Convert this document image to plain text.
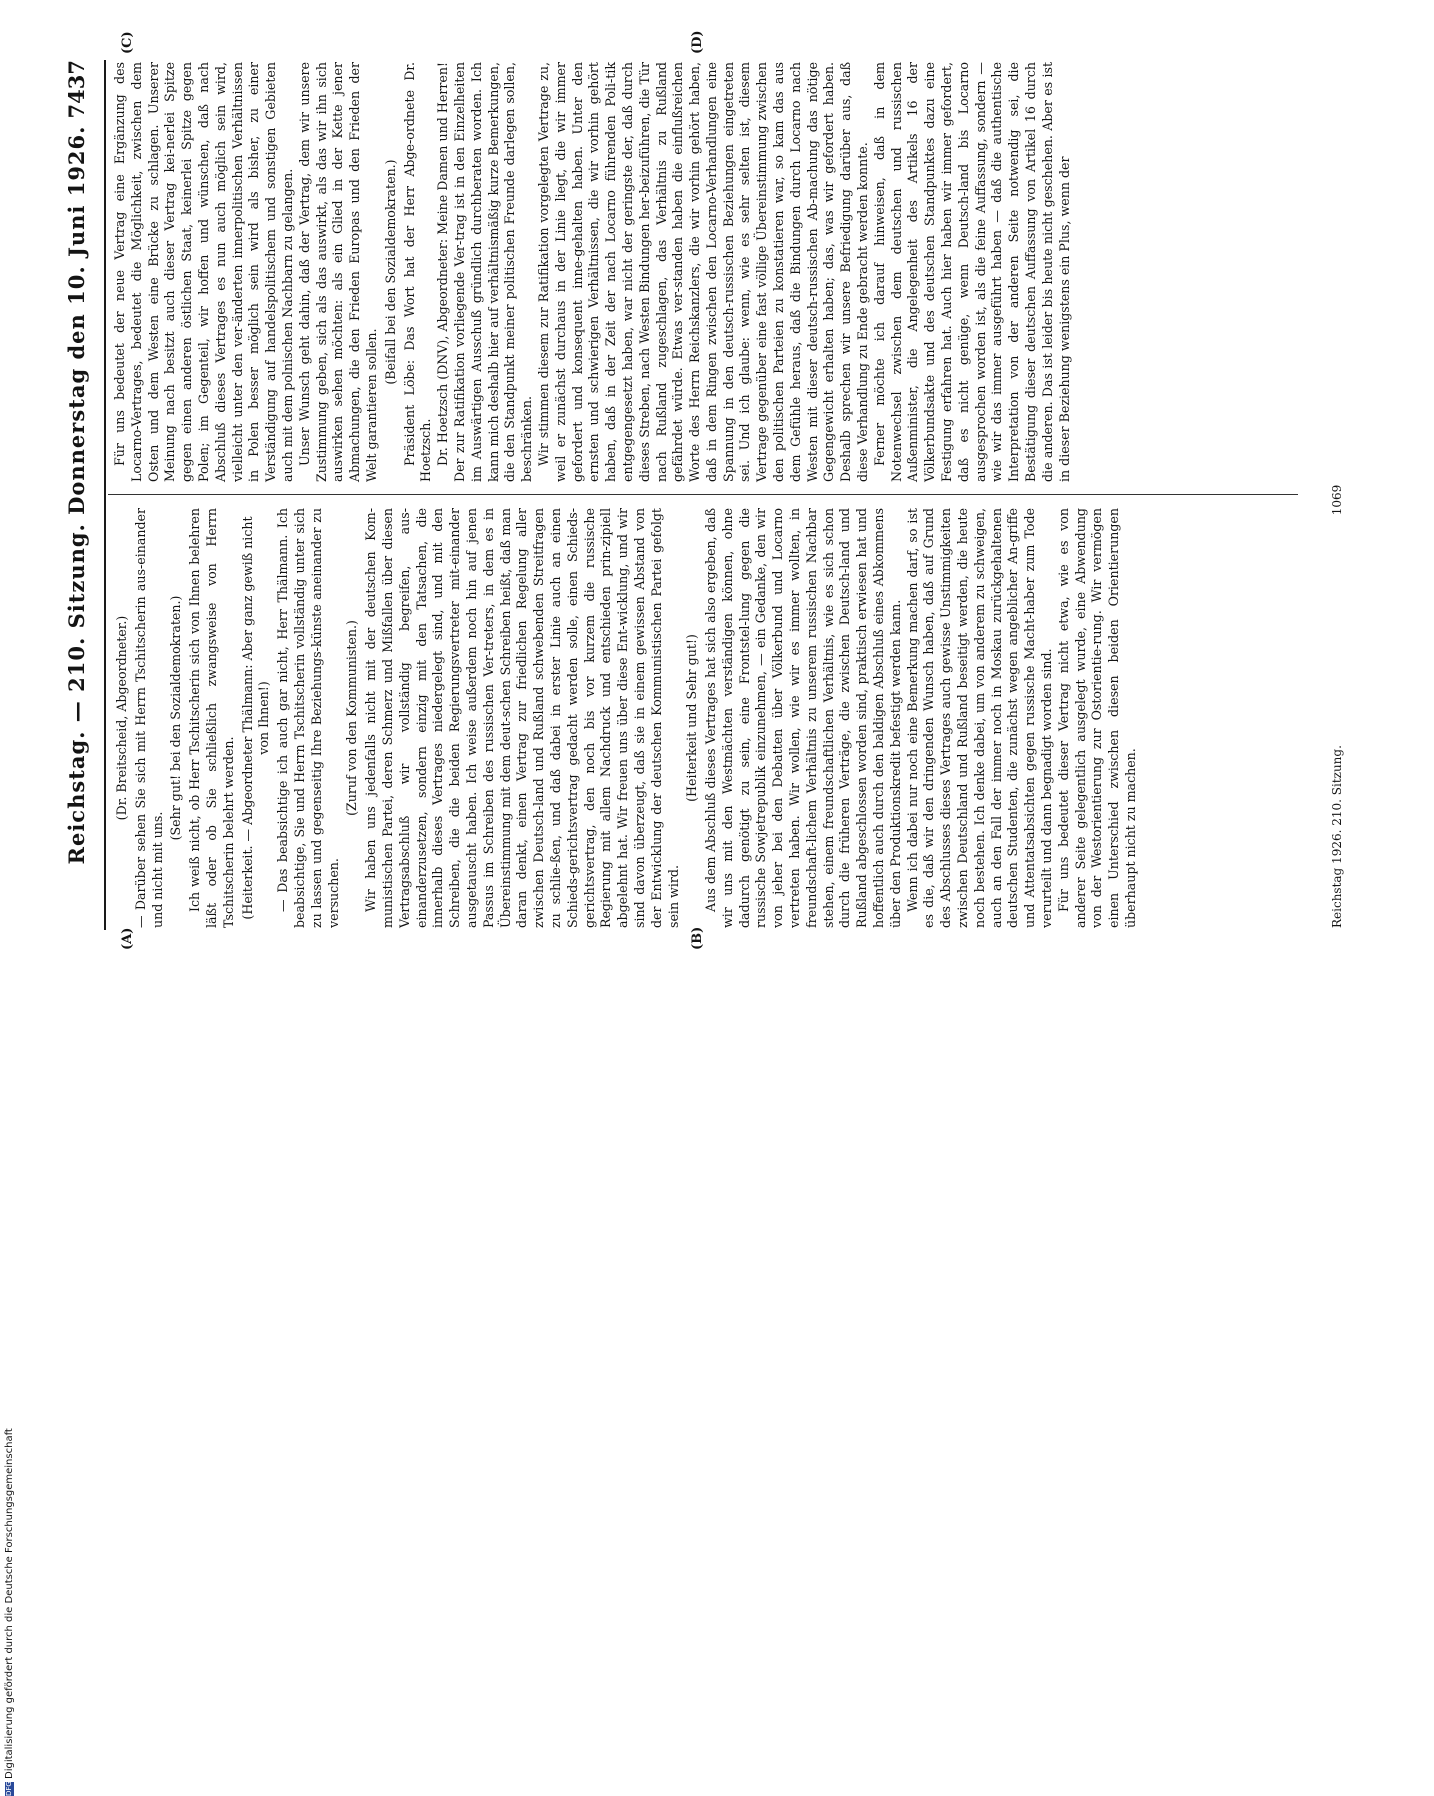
Reichstag. — 210. Sitzung. Donnerstag den 10. Juni 1926.
7437
(A)	(B)
(C)	(D)

(Dr. Breitscheid, Abgeordneter.) — Darüber sehen Sie sich mit Herrn Tschitscherin aus-einander und nicht mit uns.

(Sehr gut! bei den Sozialdemokraten.) Ich weiß nicht, ob Herr Tschitscherin sich von Ihnen belehren läßt oder ob Sie schließlich zwangsweise von Herrn Tschitscherin belehrt werden. (Heiterkeit. — Abgeordneter Thälmann: Aber ganz gewiß nicht von Ihnen!) — Das beabsichtige ich auch gar nicht, Herr Thälmann. Ich beabsichtige, Sie und Herrn Tschitscherin vollständig unter sich zu lassen und gegenseitig Ihre Beziehungs-künste aneinander zu versuchen.

(Zuruf von den Kommunisten.) Wir haben uns jedenfalls nicht mit der deutschen Kom-munistischen Partei, deren Schmerz und Mißfallen über diesen Vertragsabschluß wir vollständig begreifen, aus-einanderzusetzen, sondern einzig mit den Tatsachen, die innerhalb dieses Vertrages niedergelegt sind, und mit den Schreiben, die die beiden Regierungsvertreter mit-einander ausgetauscht haben. Ich weise außerdem noch hin auf jenen Passus im Schreiben des russischen Ver-treters, in dem es in Übereinstimmung mit dem deut-schen Schreiben heißt, daß man daran denkt, einen Vertrag zur friedlichen Regelung aller zwischen Deutsch-land und Rußland schwebenden Streitfragen zu schlie-ßen, und daß dabei in erster Linie auch an einen Schieds-gerichtsvertrag gedacht werden solle, einen Schieds-gerichtsvertrag, den noch bis vor kurzem die russische Regierung mit allem Nachdruck und entschieden prin-zipiell abgelehnt hat. Wir freuen uns über diese Ent-wicklung, und wir sind davon überzeugt, daß sie in einem gewissen Abstand von der Entwicklung der deutschen Kommunistischen Partei gefolgt sein wird.

(Heiterkeit und Sehr gut!) Aus dem Abschluß dieses Vertrages hat sich also ergeben, daß wir uns mit den Westmächten verständigen können, ohne dadurch genötigt zu sein, eine Frontstel-lung gegen die russische Sowjetrepublik einzunehmen, — ein Gedanke, den wir von jeher bei den Debatten über Völkerbund und Locarno vertreten haben. Wir wollen, wie wir es immer wollten, in freundschaft-lichem Verhältnis zu unserem russischen Nachbar stehen, einem freundschaftlichen Verhältnis, wie es sich schon durch die früheren Verträge, die zwischen Deutsch-land und Rußland abgeschlossen worden sind, praktisch erwiesen hat und hoffentlich auch durch den baldigen Abschluß eines Abkommens über den Produktionskredit befestigt werden kann. Wenn ich dabei nur noch eine Bemerkung machen darf, so ist es die, daß wir den dringenden Wunsch haben, daß auf Grund des Abschlusses dieses Vertrages auch gewisse Unstimmigkeiten zwischen Deutschland und Rußland beseitigt werden, die heute noch bestehen. Ich denke dabei, um von anderem zu schweigen, auch an den Fall der immer noch in Moskau zurückgehaltenen deutschen Studenten, die zunächst wegen angeblicher An-griffe und Attentatsabsichten gegen russische Macht-haber zum Tode verurteilt und dann begnadigt worden sind. Für uns bedeutet dieser Vertrag nicht etwa, wie es von anderer Seite gelegentlich ausgelegt wurde, eine Abwendung von der Westorientierung zur Ostorientie-rung. Wir vermögen einen Unterschied zwischen diesen beiden Orientierungen überhaupt nicht zu machen.

Für uns bedeutet der neue Vertrag eine Ergänzung des Locarno-Vertrages, bedeutet die Möglichkeit, zwischen dem Osten und dem Westen eine Brücke zu schlagen. Unserer Meinung nach besitzt auch dieser Vertrag kei-nerlei Spitze gegen einen anderen östlichen Staat, keinerlei Spitze gegen Polen; im Gegenteil, wir hoffen und wünschen, daß nach Abschluß dieses Vertrages es nun auch möglich sein wird, vielleicht unter den ver-änderten innerpolitischen Verhältnissen in Polen besser möglich sein wird als bisher, zu einer Verständigung auf handelspolitischem und sonstigen Gebieten auch mit dem polnischen Nachbarn zu gelangen. Unser Wunsch geht dahin, daß der Vertrag, dem wir unsere Zustimmung geben, sich als das auswirkt, als das wir ihn sich auswirken sehen möchten: als ein Glied in der Kette jener Abmachungen, die den Frieden Europas und den Frieden der Welt garantieren sollen.

(Beifall bei den Sozialdemokraten.) Präsident Löbe: Das Wort hat der Herr Abge-ordnete Dr. Hoetzsch. Dr. Hoetzsch (DNV), Abgeordneter: Meine Damen und Herren! Der zur Ratifikation vorliegende Ver-trag ist in den Einzelheiten im Auswärtigen Ausschuß gründlich durchberaten worden. Ich kann mich deshalb hier auf verhältnismäßig kurze Bemerkungen, die den Standpunkt meiner politischen Freunde darlegen sollen, beschränken. Wir stimmen diesem zur Ratifikation vorgelegten Vertrage zu, weil er zunächst durchaus in der Linie liegt, die wir immer gefordert und konsequent inne-gehalten haben. Unter den ernsten und schwierigen Verhältnissen, die wir vorhin gehört haben, daß in der Zeit der nach Locarno führenden Poli-tik entgegengesetzt haben, war nicht der geringste der, daß durch dieses Streben, nach Westen Bindungen her-beizuführen, die Tür nach Rußland zugeschlagen, das Verhältnis zu Rußland gefährdet würde. Etwas ver-standen haben die einflußreichen Worte des Herrn Reichskanzlers, die wir vorhin gehört haben, daß in dem Ringen zwischen den Locarno-Verhandlungen eine Spannung in den deutsch-russischen Beziehungen eingetreten sei. Und ich glaube: wenn, wie es sehr selten ist, diesem Vertrage gegenüber eine fast völlige Übereinstimmung zwischen den politischen Parteien zu konstatieren war, so kam das aus dem Gefühle heraus, daß die Bindungen durch Locarno nach Westen mit dieser deutsch-russischen Ab-machung das nötige Gegengewicht erhalten haben; das, was wir gefordert haben. Deshalb sprechen wir unsere Befriedigung darüber aus, daß diese Verhandlung zu Ende gebracht werden konnte. Ferner möchte ich darauf hinweisen, daß in dem Notenwechsel zwischen dem deutschen und russischen Außenminister, die Angelegenheit des Artikels 16 der Völkerbundsakte und des deutschen Standpunktes dazu eine Festigung erfahren hat. Auch hier haben wir immer gefordert, daß es nicht genüge, wenn Deutsch-land bis Locarno ausgesprochen worden ist, als die feine Auffassung, sondern — wie wir das immer ausgeführt haben — daß die authentische Interpretation von der anderen Seite notwendig sei, die Bestätigung dieser deutschen Auffassung von Artikel 16 durch die anderen. Das ist leider bis heute nicht geschehen. Aber es ist in dieser Beziehung wenigstens ein Plus, wenn der

Reichstag 1926. 210. Sitzung.
1069
DFGDigitalisierung gefördert durch die Deutsche Forschungsgemeinschaft
